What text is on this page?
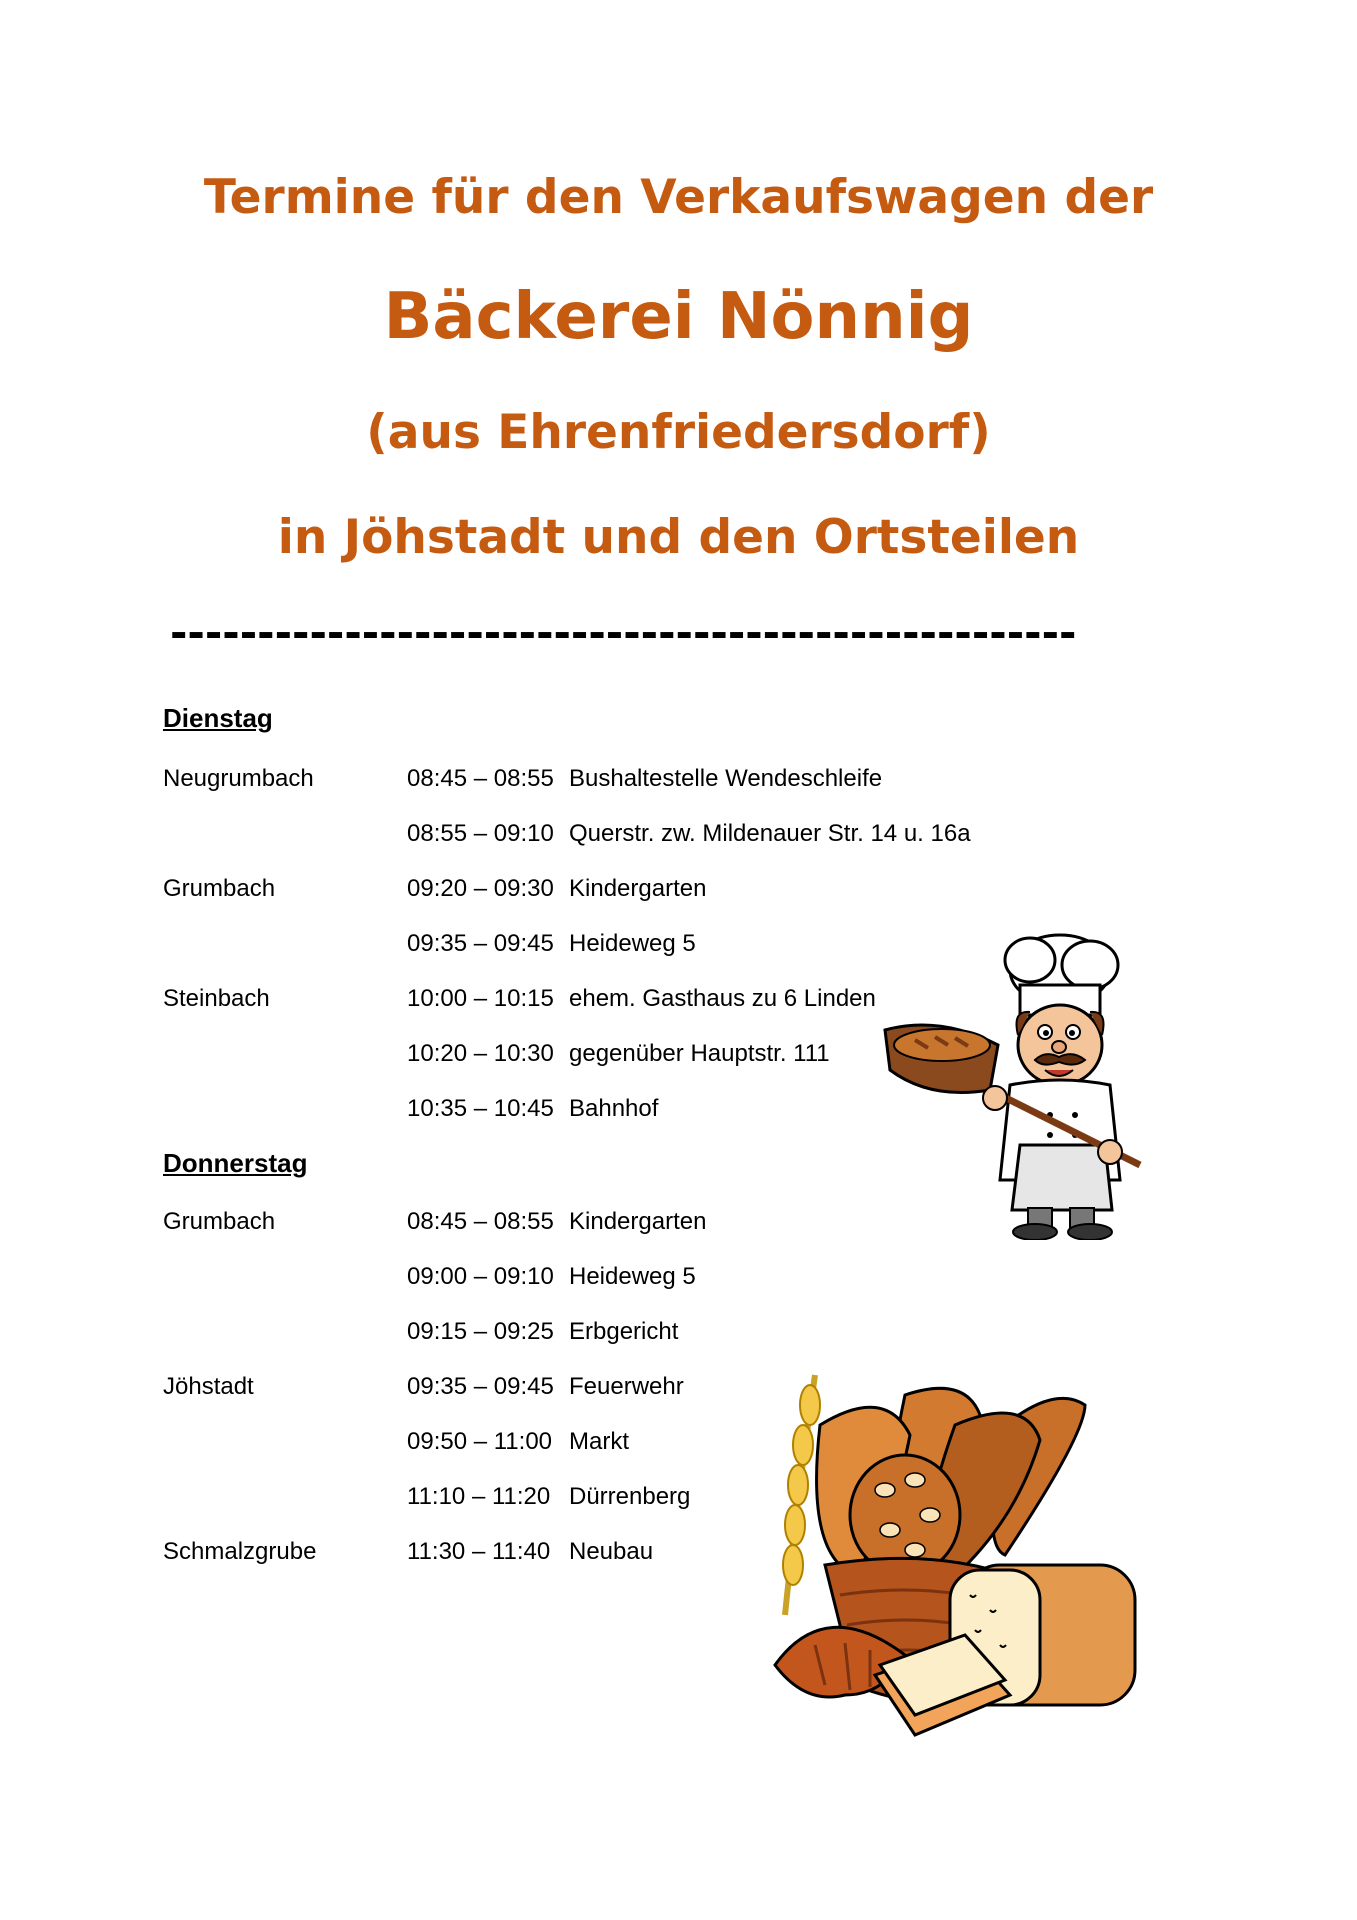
Termine für den Verkaufswagen der
Bäckerei Nönnig
(aus Ehrenfriedersdorf)
in Jöhstadt und den Ortsteilen
----------------------------------------------------
Dienstag
Neugrumbach	08:45 – 08:55 Bushaltestelle Wendeschleife
08:55 – 09:10 Querstr. zw. Mildenauer Str. 14 u. 16a
Grumbach	09:20 – 09:30 Kindergarten
09:35 – 09:45 Heideweg 5
Steinbach	10:00 – 10:15 ehem. Gasthaus zu 6 Linden
10:20 – 10:30 gegenüber Hauptstr. 111
10:35 – 10:45 Bahnhof
Donnerstag
Grumbach	08:45 – 08:55 Kindergarten
09:00 – 09:10 Heideweg 5
09:15 – 09:25 Erbgericht
Jöhstadt	09:35 – 09:45 Feuerwehr
09:50 – 11:00 Markt
11:10 – 11:20 Dürrenberg
Schmalzgrube	11:30 – 11:40 Neubau
